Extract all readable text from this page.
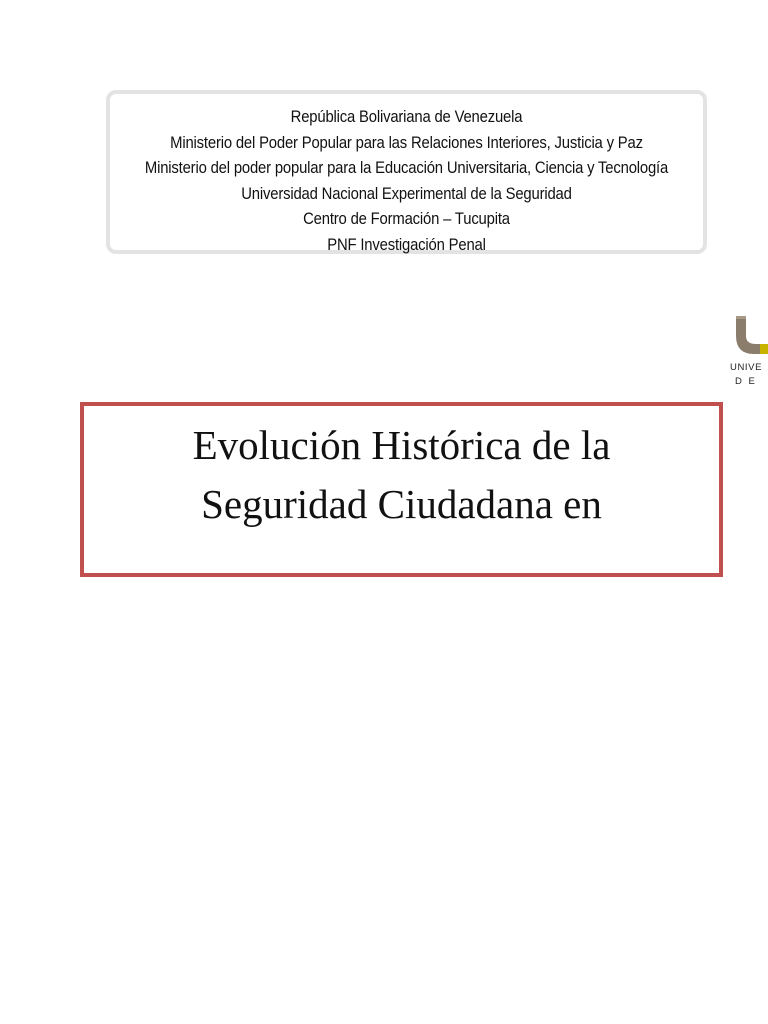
República Bolivariana de Venezuela
Ministerio del Poder Popular para las Relaciones Interiores, Justicia y Paz
Ministerio del poder popular para la Educación Universitaria, Ciencia y Tecnología
Universidad Nacional Experimental de la Seguridad
Centro de Formación – Tucupita
PNF Investigación Penal
UNIVE
D E
Evolución Histórica de la
Seguridad Ciudadana en
